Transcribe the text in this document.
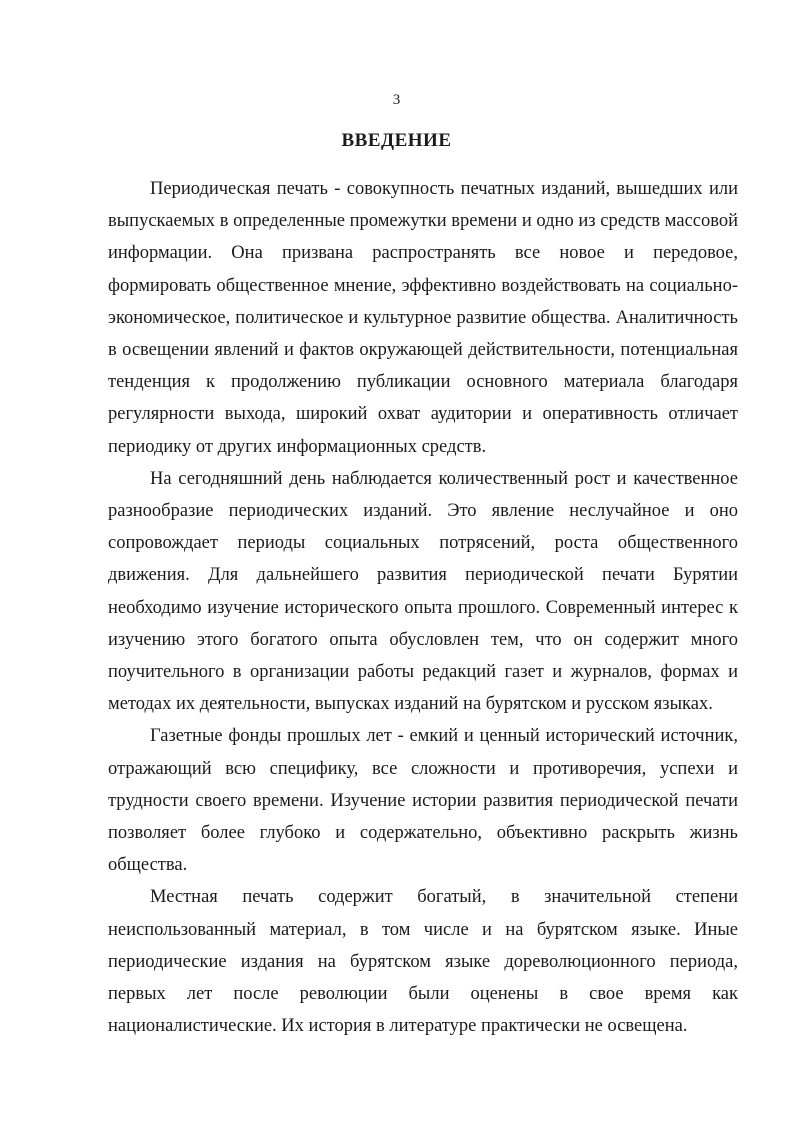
3
ВВЕДЕНИЕ

Периодическая печать - совокупность печатных изданий, вышедших или выпускаемых в определенные промежутки времени и одно из средств массовой информации. Она призвана распространять все новое и передовое, формировать общественное мнение, эффективно воздействовать на социально-экономическое, политическое и культурное развитие общества. Аналитичность в освещении явлений и фактов окружающей действительности, потенциальная тенденция к продолжению публикации основного материала благодаря регулярности выхода, широкий охват аудитории и оперативность отличает периодику от других информационных средств.

На сегодняшний день наблюдается количественный рост и качественное разнообразие периодических изданий. Это явление неслучайное и оно сопровождает периоды социальных потрясений, роста общественного движения. Для дальнейшего развития периодической печати Бурятии необходимо изучение исторического опыта прошлого. Современный интерес к изучению этого богатого опыта обусловлен тем, что он содержит много поучительного в организации работы редакций газет и журналов, формах и методах их деятельности, выпусках изданий на бурятском и русском языках.

Газетные фонды прошлых лет - емкий и ценный исторический источник, отражающий всю специфику, все сложности и противоречия, успехи и трудности своего времени. Изучение истории развития периодической печати позволяет более глубоко и содержательно, объективно раскрыть жизнь общества.

Местная печать содержит богатый, в значительной степени неиспользованный материал, в том числе и на бурятском языке. Иные периодические издания на бурятском языке дореволюционного периода, первых лет после революции были оценены в свое время как националистические. Их история в литературе практически не освещена.
